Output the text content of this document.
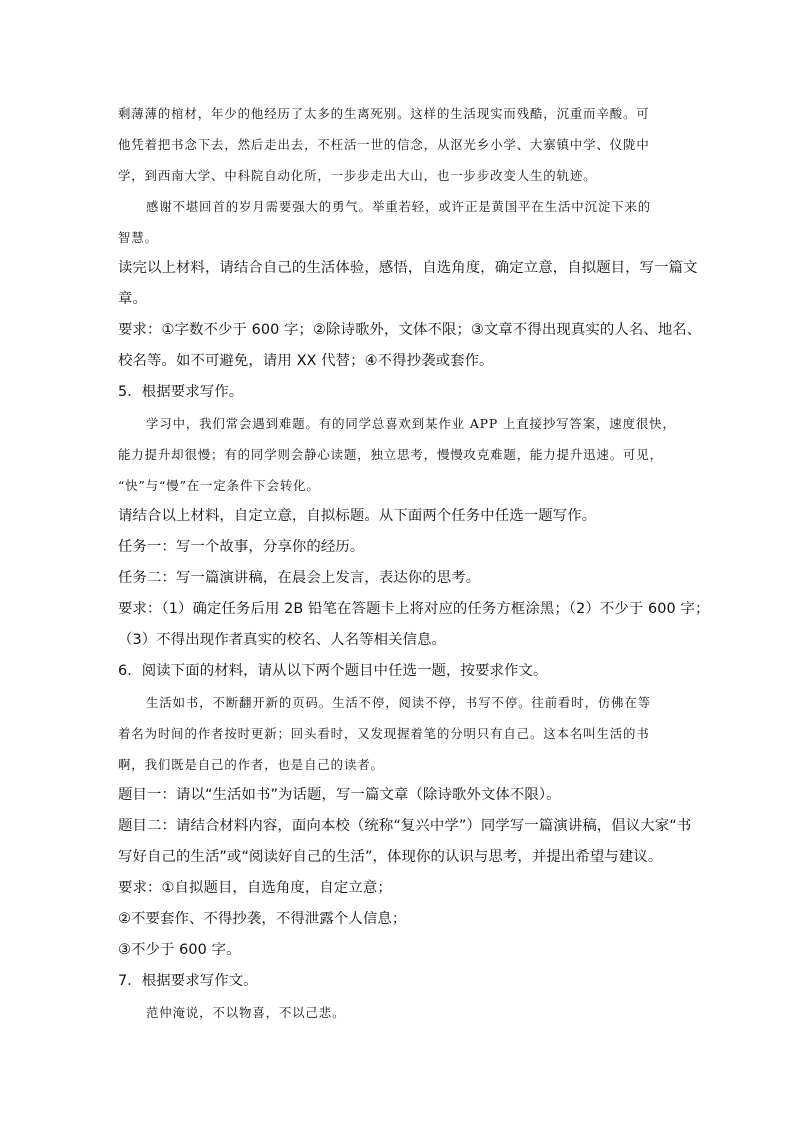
剩薄薄的棺材，年少的他经历了太多的生离死别。这样的生活现实而残酷，沉重而辛酸。可
他凭着把书念下去，然后走出去，不枉活一世的信念，从沤光乡小学、大寨镇中学、仪陇中
学，到西南大学、中科院自动化所，一步步走出大山，也一步步改变人生的轨迹。
感谢不堪回首的岁月需要强大的勇气。举重若轻，或许正是黄国平在生活中沉淀下来的
智慧。
读完以上材料，请结合自己的生活体验，感悟，自选角度，确定立意，自拟题目，写一篇文
章。
要求：①字数不少于 600 字；②除诗歌外，文体不限；③文章不得出现真实的人名、地名、
校名等。如不可避免，请用 XX 代替；④不得抄袭或套作。
5．根据要求写作。
学习中，我们常会遇到难题。有的同学总喜欢到某作业 APP 上直接抄写答案，速度很快，
能力提升却很慢；有的同学则会静心读题，独立思考，慢慢攻克难题，能力提升迅速。可见，
“快”与“慢”在一定条件下会转化。
请结合以上材料，自定立意，自拟标题。从下面两个任务中任选一题写作。
任务一：写一个故事，分享你的经历。
任务二：写一篇演讲稿，在晨会上发言，表达你的思考。
要求：（1）确定任务后用 2B 铅笔在答题卡上将对应的任务方框涂黑；（2）不少于 600 字；
（3）不得出现作者真实的校名、人名等相关信息。
6．阅读下面的材料，请从以下两个题目中任选一题，按要求作文。
生活如书，不断翻开新的页码。生活不停，阅读不停，书写不停。往前看时，仿佛在等
着名为时间的作者按时更新；回头看时，又发现握着笔的分明只有自己。这本名叫生活的书
啊，我们既是自己的作者，也是自己的读者。
题目一：请以“生活如书”为话题，写一篇文章（除诗歌外文体不限）。
题目二：请结合材料内容，面向本校（统称“复兴中学”）同学写一篇演讲稿，倡议大家“书
写好自己的生活”或“阅读好自己的生活”，体现你的认识与思考，并提出希望与建议。
要求：①自拟题目，自选角度，自定立意；
②不要套作、不得抄袭，不得泄露个人信息；
③不少于 600 字。
7．根据要求写作文。
范仲淹说，不以物喜，不以己悲。
